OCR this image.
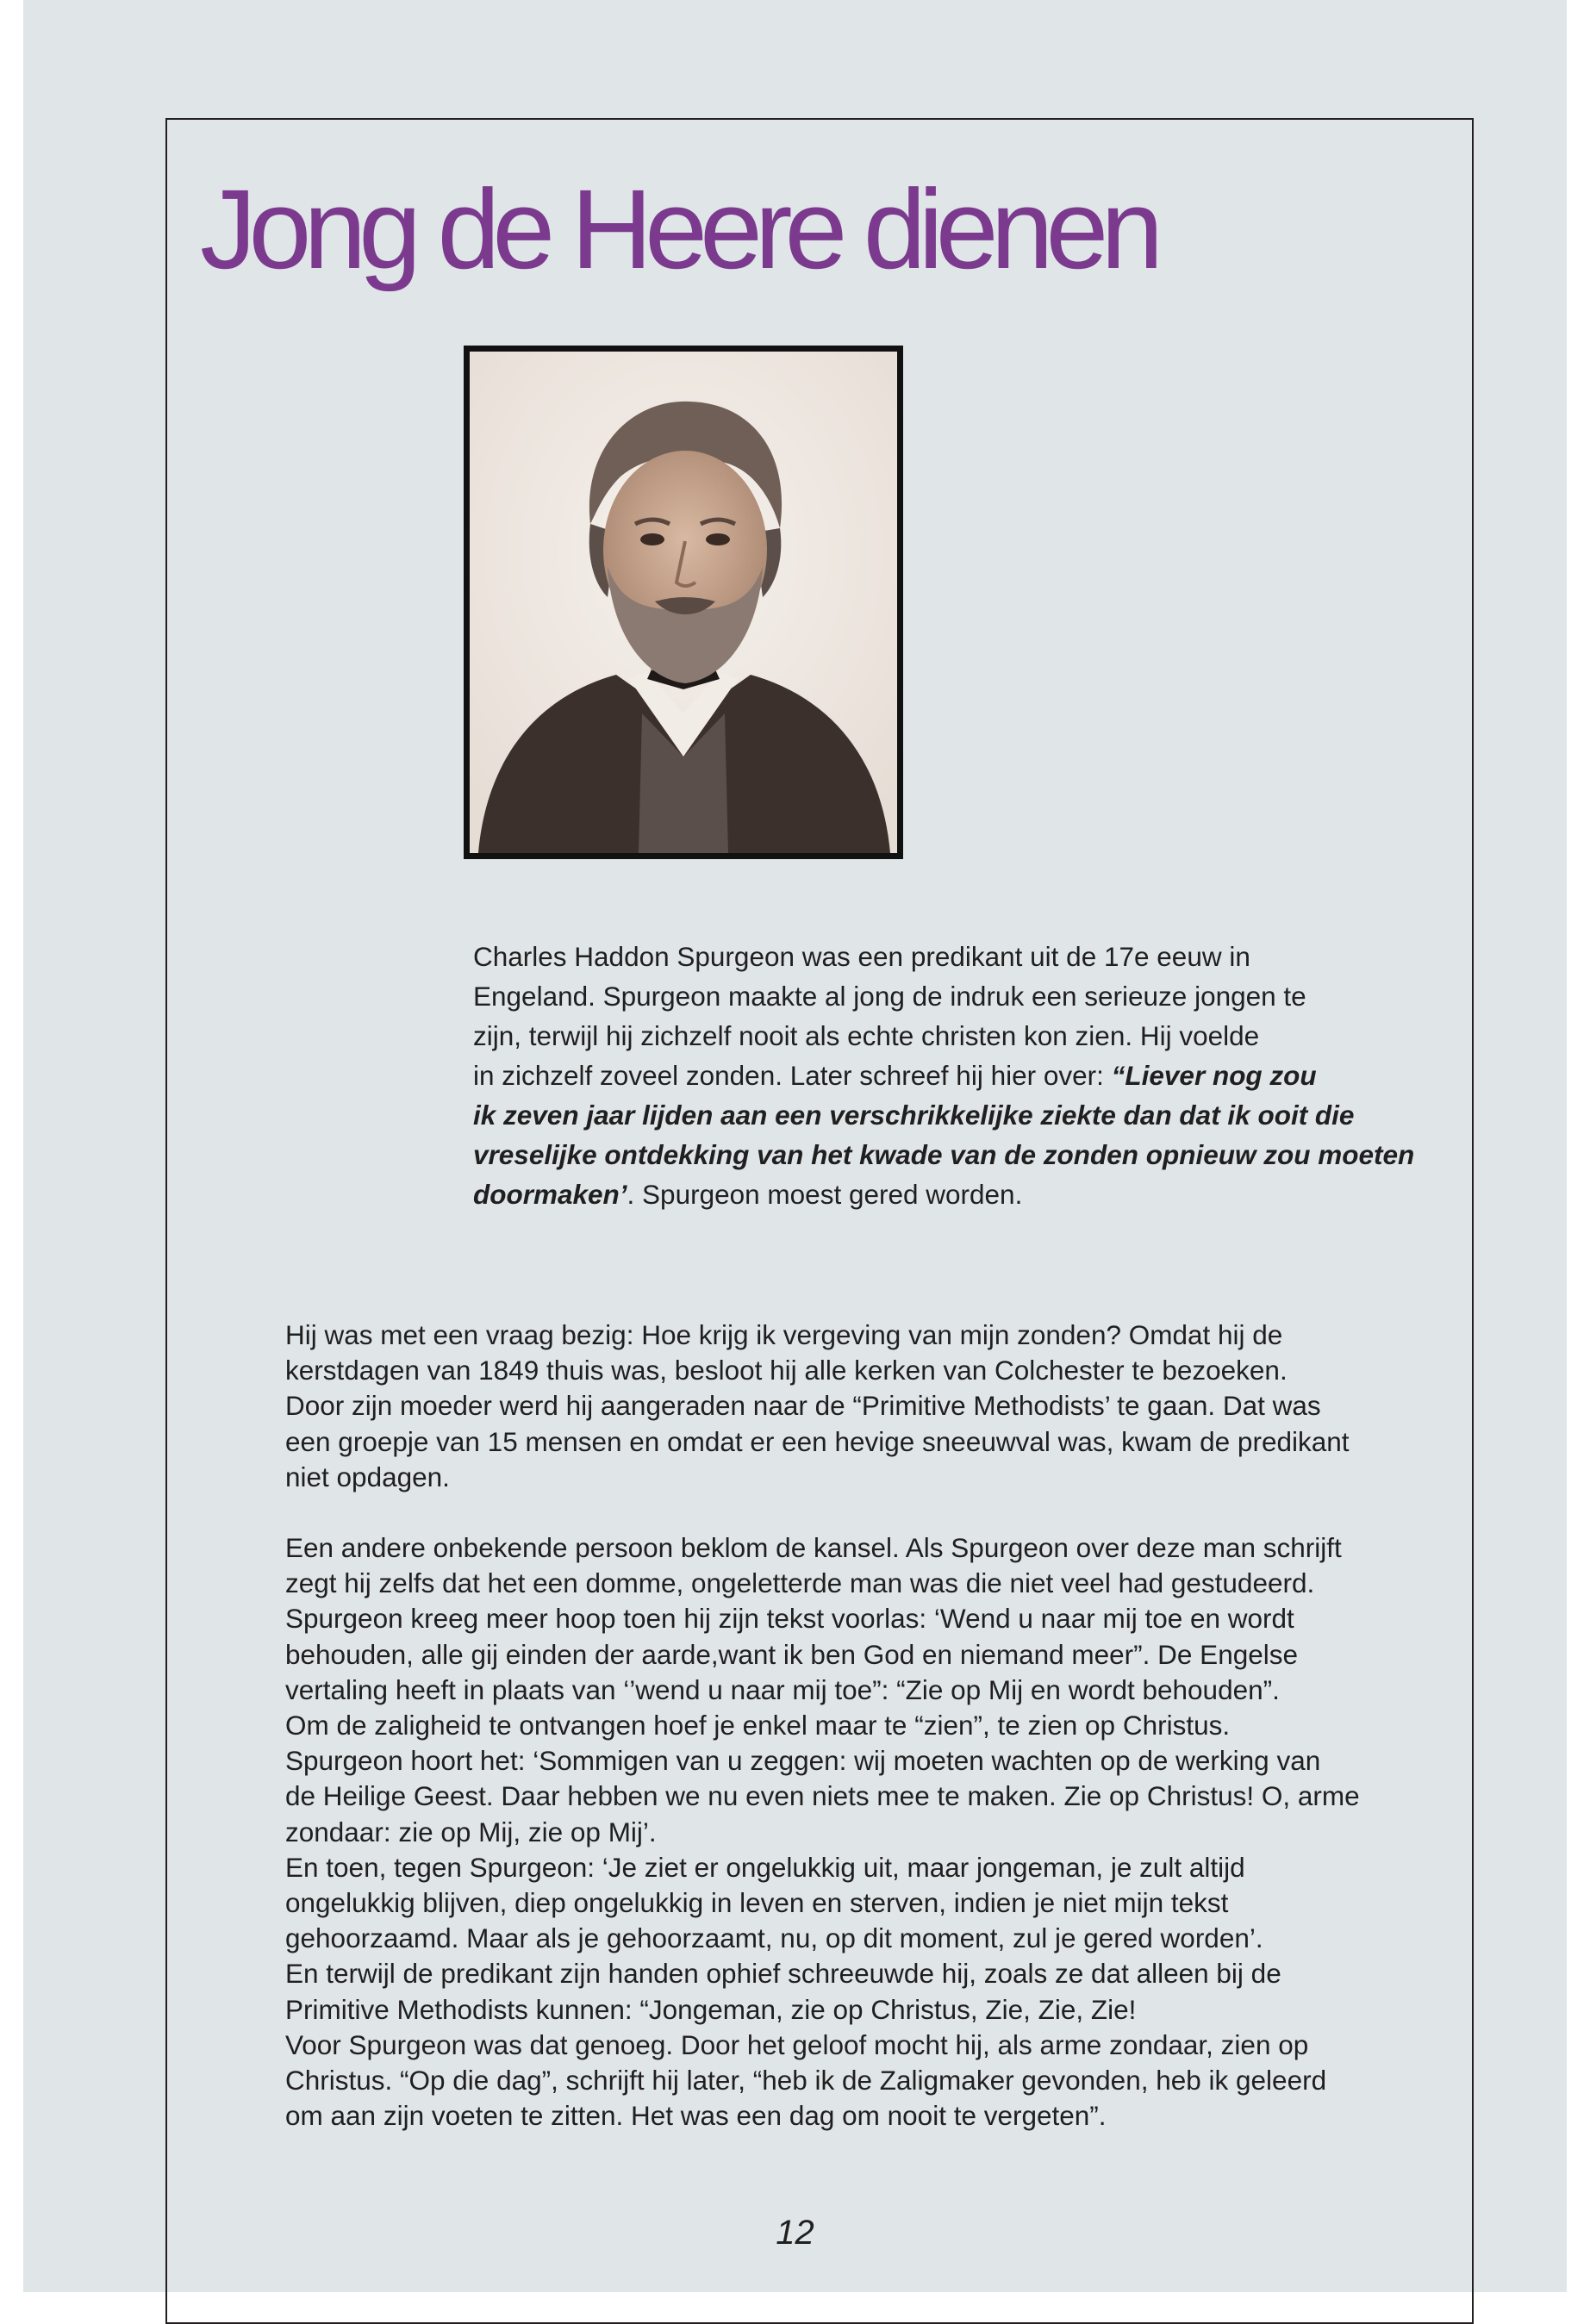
Jong de Heere dienen

Charles Haddon Spurgeon was een predikant uit de 17e eeuw in
Engeland. Spurgeon maakte al jong de indruk een serieuze jongen te
zijn, terwijl hij zichzelf nooit als echte christen kon zien. Hij voelde
in zichzelf zoveel zonden. Later schreef hij hier over: “Liever nog zou
ik zeven jaar lijden aan een verschrikkelijke ziekte dan dat ik ooit die
vreselijke ontdekking van het kwade van de zonden opnieuw zou moeten
doormaken’. Spurgeon moest gered worden.

Hij was met een vraag bezig: Hoe krijg ik vergeving van mijn zonden? Omdat hij de
kerstdagen van 1849 thuis was, besloot hij alle kerken van Colchester te bezoeken.
Door zijn moeder werd hij aangeraden naar de “Primitive Methodists’ te gaan. Dat was
een groepje van 15 mensen en omdat er een hevige sneeuwval was, kwam de predikant
niet opdagen.

Een andere onbekende persoon beklom de kansel. Als Spurgeon over deze man schrijft
zegt hij zelfs dat het een domme, ongeletterde man was die niet veel had gestudeerd.
Spurgeon kreeg meer hoop toen hij zijn tekst voorlas: ‘Wend u naar mij toe en wordt
behouden, alle gij einden der aarde,want ik ben God en niemand meer”. De Engelse
vertaling heeft in plaats van ‘’wend u naar mij toe”: “Zie op Mij en wordt behouden”.
Om de zaligheid te ontvangen hoef je enkel maar te “zien”, te zien op Christus.
Spurgeon hoort het: ‘Sommigen van u zeggen: wij moeten wachten op de werking van
de Heilige Geest. Daar hebben we nu even niets mee te maken. Zie op Christus! O, arme
zondaar: zie op Mij, zie op Mij’.
En toen, tegen Spurgeon: ‘Je ziet er ongelukkig uit, maar jongeman, je zult altijd
ongelukkig blijven, diep ongelukkig in leven en sterven, indien je niet mijn tekst
gehoorzaamd. Maar als je gehoorzaamt, nu, op dit moment, zul je gered worden’.
En terwijl de predikant zijn handen ophief schreeuwde hij, zoals ze dat alleen bij de
Primitive Methodists kunnen: “Jongeman, zie op Christus, Zie, Zie, Zie!
Voor Spurgeon was dat genoeg. Door het geloof mocht hij, als arme zondaar, zien op
Christus. “Op die dag”, schrijft hij later, “heb ik de Zaligmaker gevonden, heb ik geleerd
om aan zijn voeten te zitten. Het was een dag om nooit te vergeten”.

12
